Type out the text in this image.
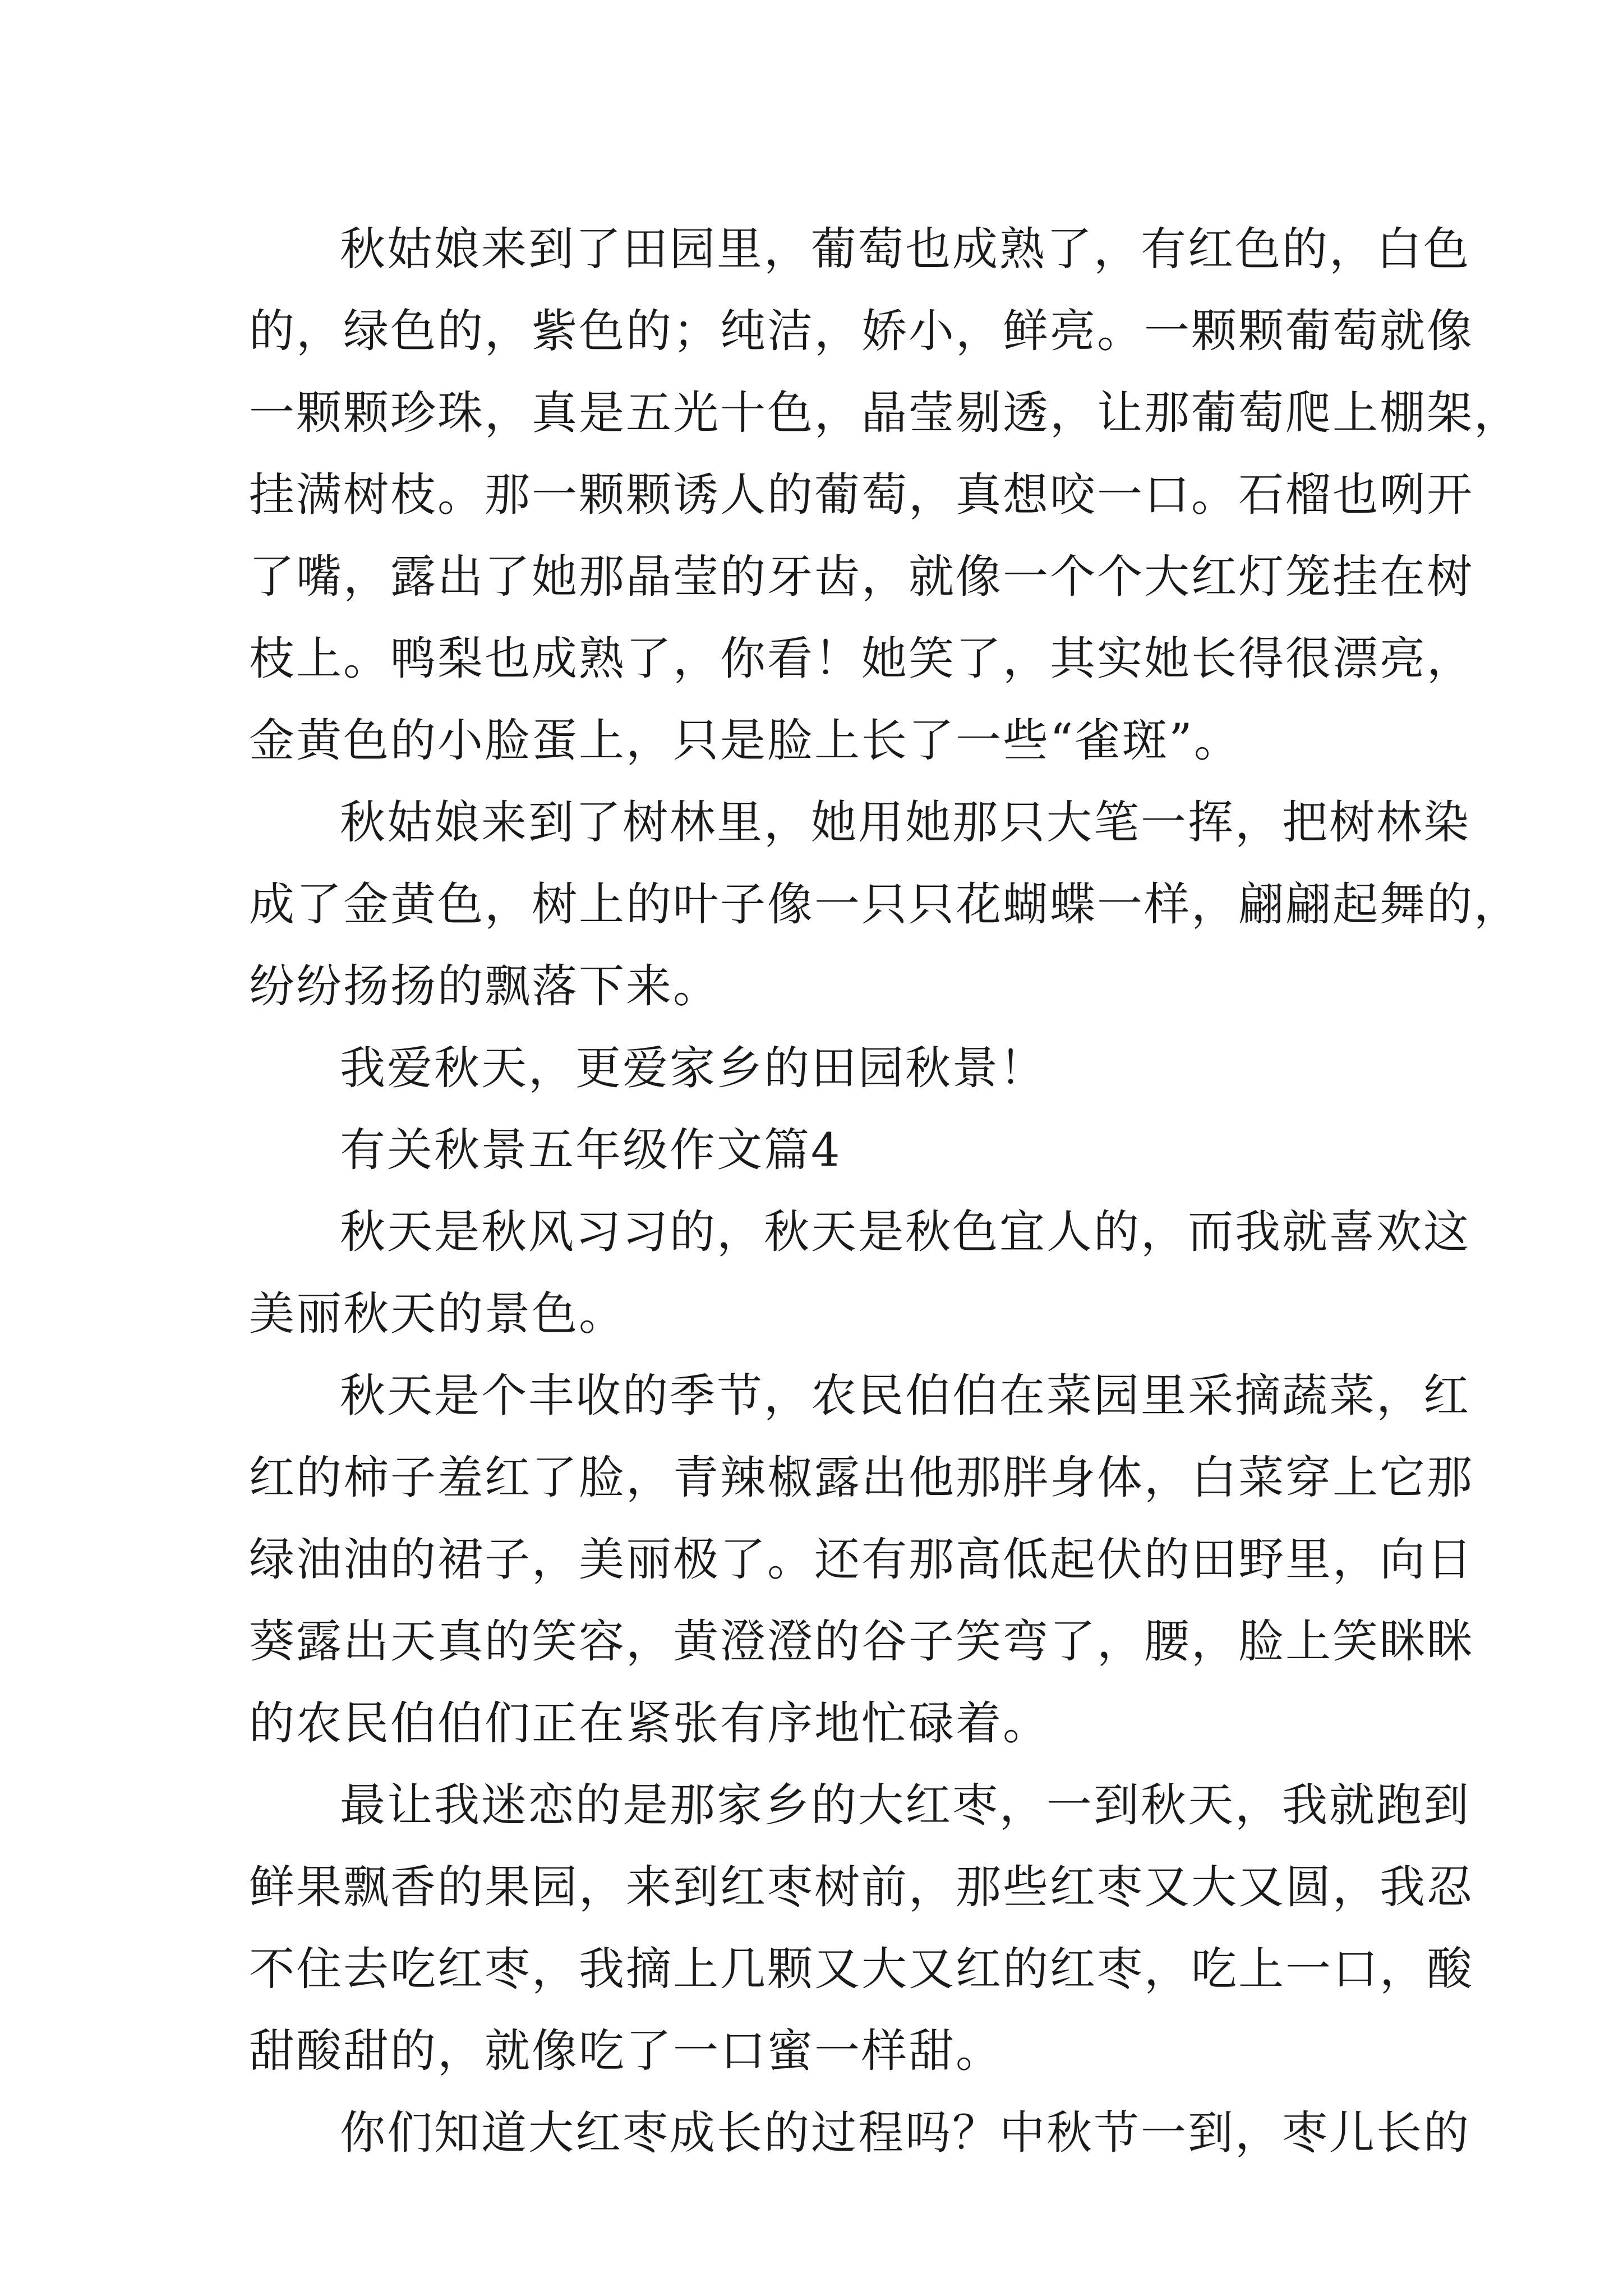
秋姑娘来到了田园里，葡萄也成熟了，有红色的，白色
的，绿色的，紫色的；纯洁，娇小，鲜亮。一颗颗葡萄就像
一颗颗珍珠，真是五光十色，晶莹剔透，让那葡萄爬上棚架，
挂满树枝。那一颗颗诱人的葡萄，真想咬一口。石榴也咧开
了嘴，露出了她那晶莹的牙齿，就像一个个大红灯笼挂在树
枝上。鸭梨也成熟了，你看！她笑了，其实她长得很漂亮，
金黄色的小脸蛋上，只是脸上长了一些“雀斑”。
秋姑娘来到了树林里，她用她那只大笔一挥，把树林染
成了金黄色，树上的叶子像一只只花蝴蝶一样，翩翩起舞的，
纷纷扬扬的飘落下来。
我爱秋天，更爱家乡的田园秋景！
有关秋景五年级作文篇4
秋天是秋风习习的，秋天是秋色宜人的，而我就喜欢这
美丽秋天的景色。
秋天是个丰收的季节，农民伯伯在菜园里采摘蔬菜，红
红的柿子羞红了脸，青辣椒露出他那胖身体，白菜穿上它那
绿油油的裙子，美丽极了。还有那高低起伏的田野里，向日
葵露出天真的笑容，黄澄澄的谷子笑弯了，腰，脸上笑眯眯
的农民伯伯们正在紧张有序地忙碌着。
最让我迷恋的是那家乡的大红枣，一到秋天，我就跑到
鲜果飘香的果园，来到红枣树前，那些红枣又大又圆，我忍
不住去吃红枣，我摘上几颗又大又红的红枣，吃上一口，酸
甜酸甜的，就像吃了一口蜜一样甜。
你们知道大红枣成长的过程吗？中秋节一到，枣儿长的
